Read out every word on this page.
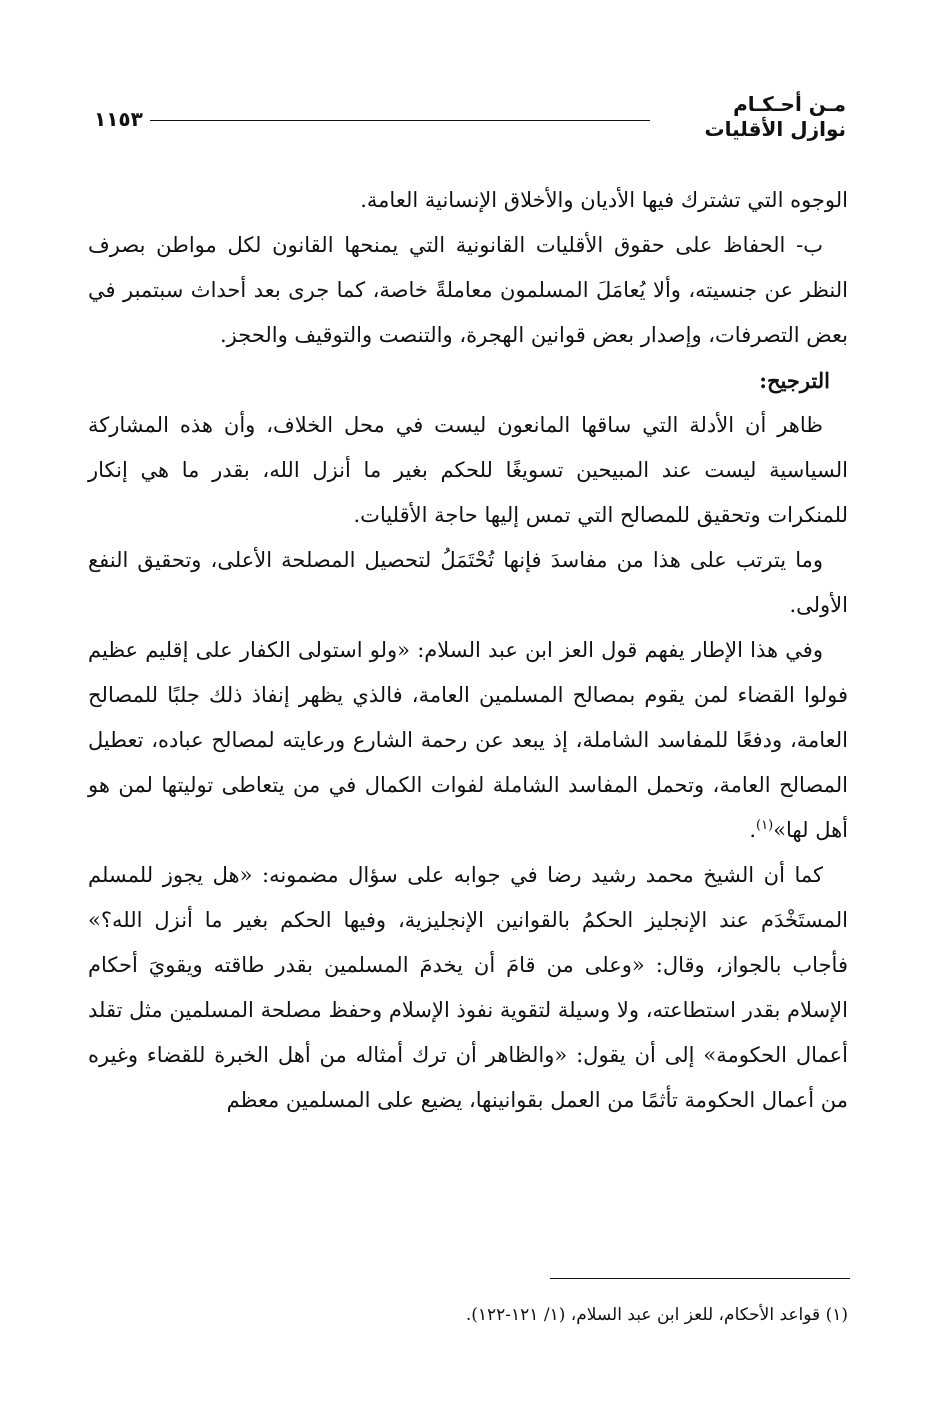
مـن أحـكـام
نوازل الأقليات
١١٥٣

الوجوه التي تشترك فيها الأديان والأخلاق الإنسانية العامة.

ب- الحفاظ على حقوق الأقليات القانونية التي يمنحها القانون لكل مواطن بصرف النظر عن جنسيته، وألا يُعامَلَ المسلمون معاملةً خاصة، كما جرى بعد أحداث سبتمبر في بعض التصرفات، وإصدار بعض قوانين الهجرة، والتنصت والتوقيف والحجز.

الترجيح:

ظاهر أن الأدلة التي ساقها المانعون ليست في محل الخلاف، وأن هذه المشاركة السياسية ليست عند المبيحين تسويغًا للحكم بغير ما أنزل الله، بقدر ما هي إنكار للمنكرات وتحقيق للمصالح التي تمس إليها حاجة الأقليات.

وما يترتب على هذا من مفاسدَ فإنها تُحْتَمَلُ لتحصيل المصلحة الأعلى، وتحقيق النفع الأولى.

وفي هذا الإطار يفهم قول العز ابن عبد السلام: «ولو استولى الكفار على إقليم عظيم فولوا القضاء لمن يقوم بمصالح المسلمين العامة، فالذي يظهر إنفاذ ذلك جلبًا للمصالح العامة، ودفعًا للمفاسد الشاملة، إذ يبعد عن رحمة الشارع ورعايته لمصالح عباده، تعطيل المصالح العامة، وتحمل المفاسد الشاملة لفوات الكمال في من يتعاطى توليتها لمن هو أهل لها»$^{(١)}$.

كما أن الشيخ محمد رشيد رضا في جوابه على سؤال مضمونه: «هل يجوز للمسلم المستَخْدَم عند الإنجليز الحكمُ بالقوانين الإنجليزية، وفيها الحكم بغير ما أنزل الله؟» فأجاب بالجواز، وقال: «وعلى من قامَ أن يخدمَ المسلمين بقدر طاقته ويقويَ أحكام الإسلام بقدر استطاعته، ولا وسيلة لتقوية نفوذ الإسلام وحفظ مصلحة المسلمين مثل تقلد أعمال الحكومة» إلى أن يقول: «والظاهر أن ترك أمثاله من أهل الخبرة للقضاء وغيره من أعمال الحكومة تأثمًا من العمل بقوانينها، يضيع على المسلمين معظم

(١) قواعد الأحكام، للعز ابن عبد السلام، (١/ ١٢١-١٢٢).
